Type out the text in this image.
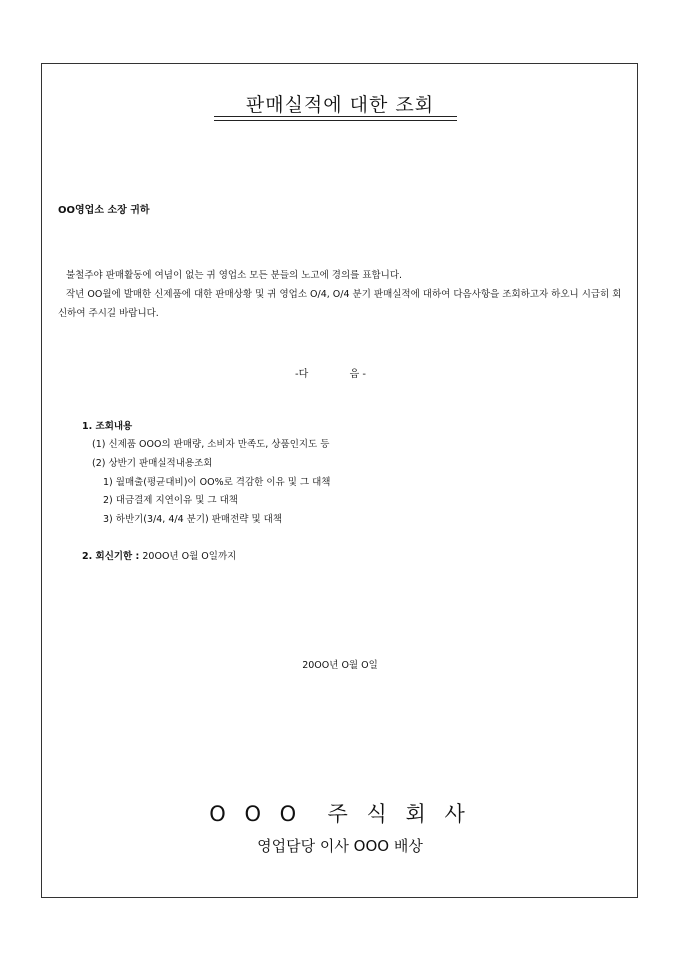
판매실적에 대한 조회
OO영업소 소장 귀하

불철주야 판매활동에 여념이 없는 귀 영업소 모든 분들의 노고에 경의를 표합니다.

작년 OO월에 발매한 신제품에 대한 판매상황 및 귀 영업소 O/4, O/4 분기 판매실적에 대하여 다음사항을 조회하고자 하오니 시급히 회신하여 주시길 바랍니다.

-다             음 -
1. 조회내용
(1) 신제품 OOO의 판매량, 소비자 만족도, 상품인지도 등
(2) 상반기 판매실적내용조회
1) 월매출(평균대비)이 OO%로 격감한 이유 및 그 대책
2) 대금결제 지연이유 및 그 대책
3) 하반기(3/4, 4/4 분기) 판매전략 및 대책
2. 회신기한 : 20OO년 O월 O일까지
20OO년 O월 O일
O O O  주 식 회 사
영업담당 이사 OOO 배상
